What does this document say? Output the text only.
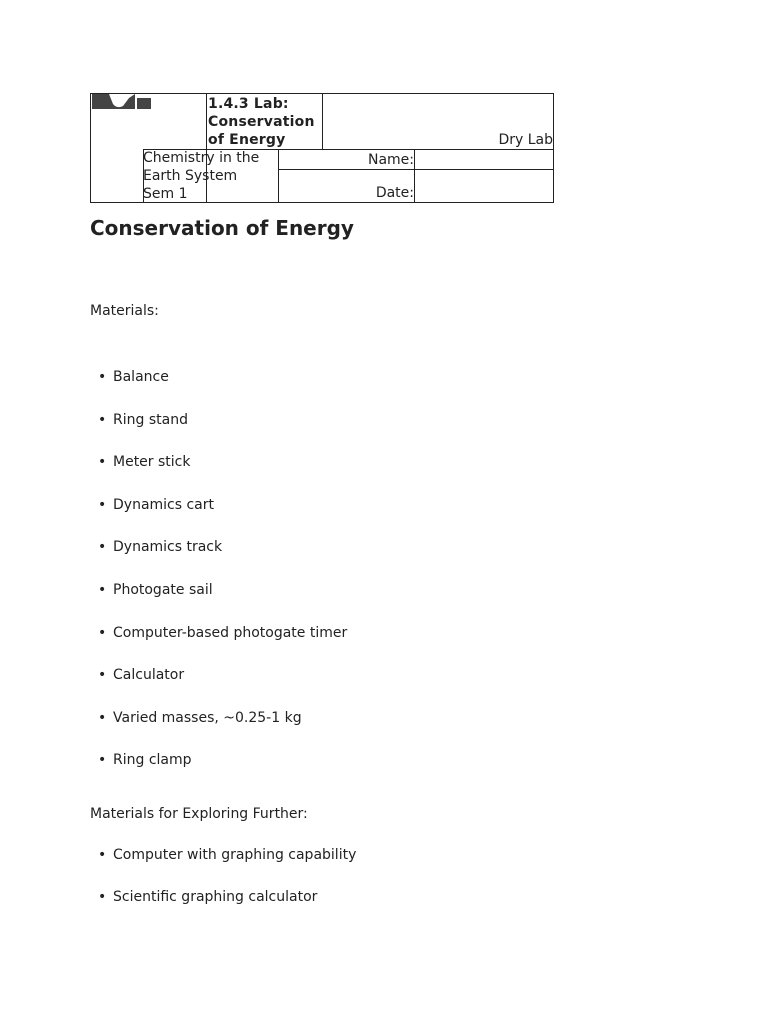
1.4.3 Lab:
Conservation
of Energy	Dry Lab
Chemistry in the
Earth System
Sem 1
Name:
Date:
Conservation of Energy
Materials:
• Balance
• Ring stand
• Meter stick
• Dynamics cart
• Dynamics track
• Photogate sail
• Computer-based photogate timer
• Calculator
• Varied masses, ~0.25-1 kg
• Ring clamp
Materials for Exploring Further:
• Computer with graphing capability
• Scientific graphing calculator
